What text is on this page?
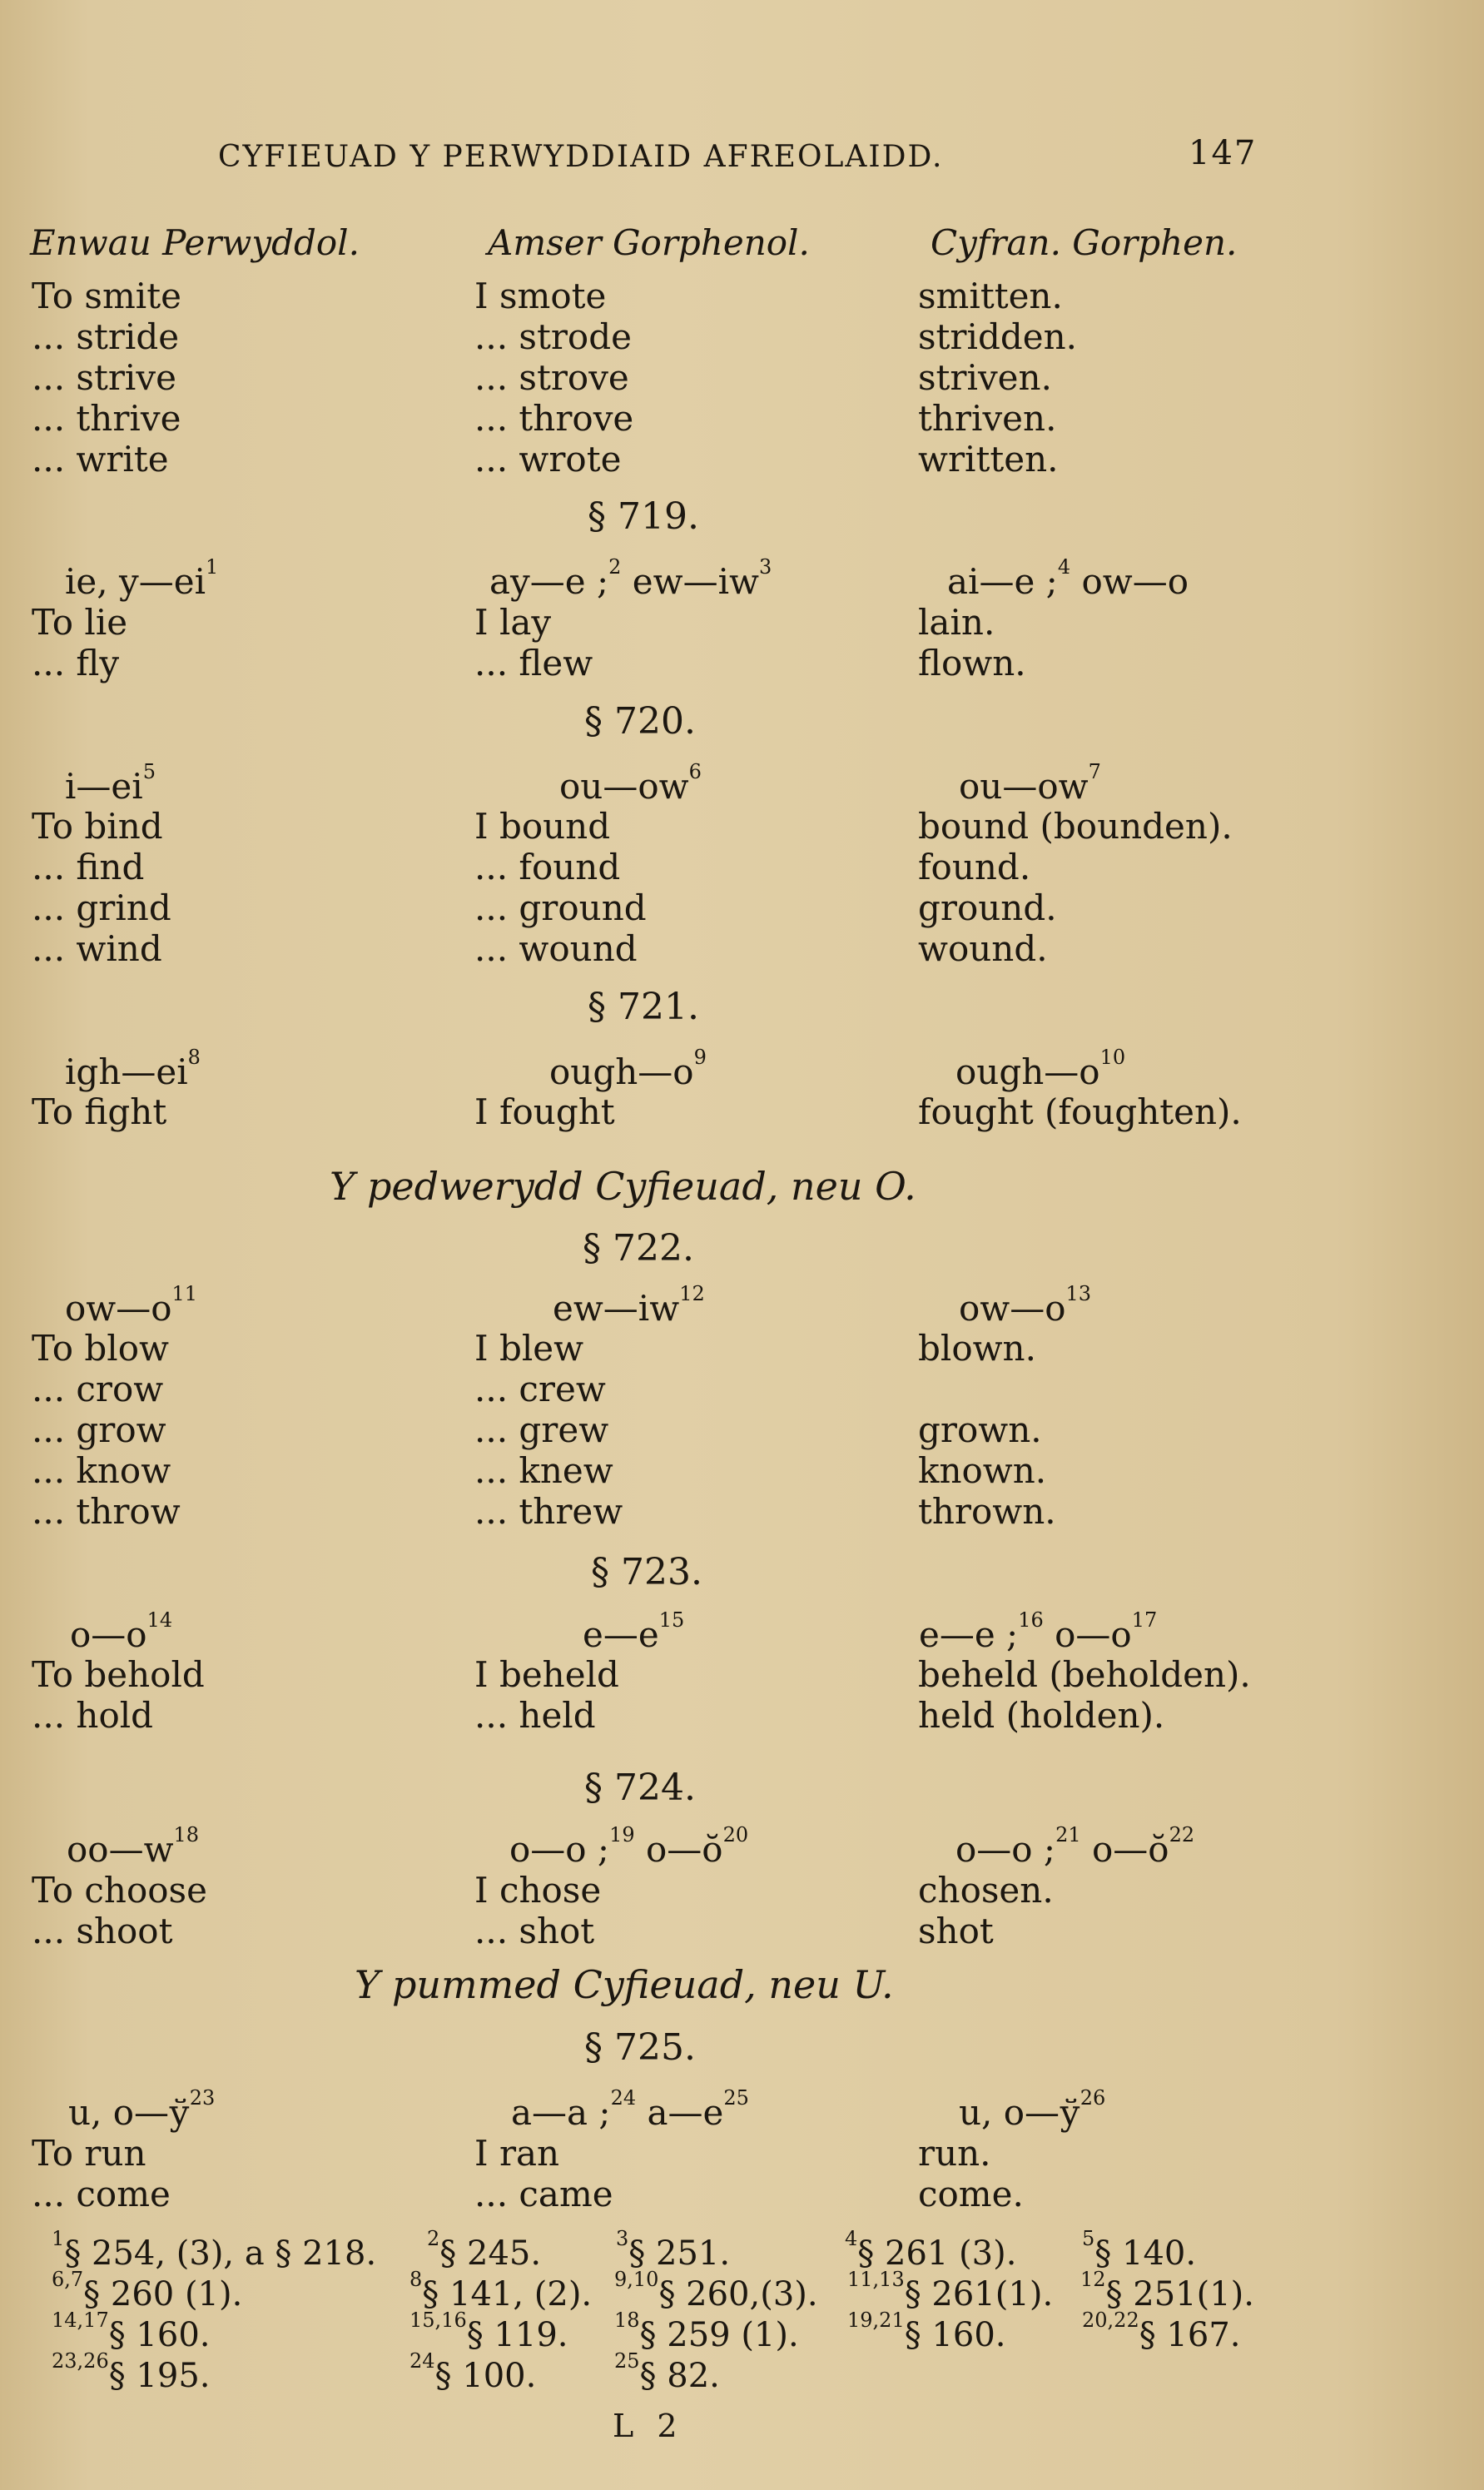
CYFIEUAD Y PERWYDDIAID AFREOLAIDD.	147
Enwau Perwyddol.	Amser Gorphenol.	Cyfran. Gorphen.
To smite	I smote	smitten.
... stride	... strode	stridden.
... strive	... strove	striven.
... thrive	... throve	thriven.
... write	... wrote	written.
§ 719.
ie, $y—ei^1$	ay—e ;$^2$ $ew—iw^3$	ai—e ;$^4$ ow—o
To lie	I lay	lain.
... fly	... flew	flown.
§ 720.
$i—ei^5$	$ou—ow^6$	$ou—ow^7$
To bind	I bound	bound (bounden).
... find	... found	found.
... grind	... ground	ground.
... wind	... wound	wound.
§ 721.
$igh—ei^8$	$ough—o^9$	$ough—o^{10}$
To fight	I fought	fought (foughten).
Y pedwerydd Cyfieuad, neu O.
§ 722.
$ow—o^{11}$	$ew—iw^{12}$	$ow—o^{13}$
To blow	I blew	blown.
... crow	... crew
... grow	... grew	grown.
... know	... knew	known.
... throw	... threw	thrown.
§ 723.
$o—o^{14}$	$e—e^{15}$	e—e ;$^{16}$ $o—o^{17}$
To behold	I beheld	beheld (beholden).
... hold	... held	held (holden).
§ 724.
$oo—w^{18}$	o—o ;$^{19}$ $o—ŏ^{20}$	o—o ;$^{21}$ $o—ŏ^{22}$
To choose	I chose	chosen.
... shoot	... shot	shot
Y pummed Cyfieuad, neu U.
§ 725.
u, $o—ў^{23}$	a—a ;$^{24}$ $a—e^{25}$	u, $o—ў^{26}$
To run	I ran	run.
... come	... came	come.
$^1$§ 254, (3), a § 218.	$^2$§ 245.	$^3$§ 251.	$^4$§ 261 (3).	$^5$§ 140.
$^{6,7}$§ 260 (1).	$^8$§ 141, (2). $^{9,10}$§ 260,(3). $^{11,13}$§ 261(1). $^{12}$§ 251(1).
$^{14,17}$§ 160.	$^{15,16}$§ 119. $^{18}$§ 259 (1). $^{19,21}$§ 160.	$^{20,22}$§ 167.
$^{23,26}$§ 195.	$^{24}$§ 100.	$^{25}$§ 82.
L 2
